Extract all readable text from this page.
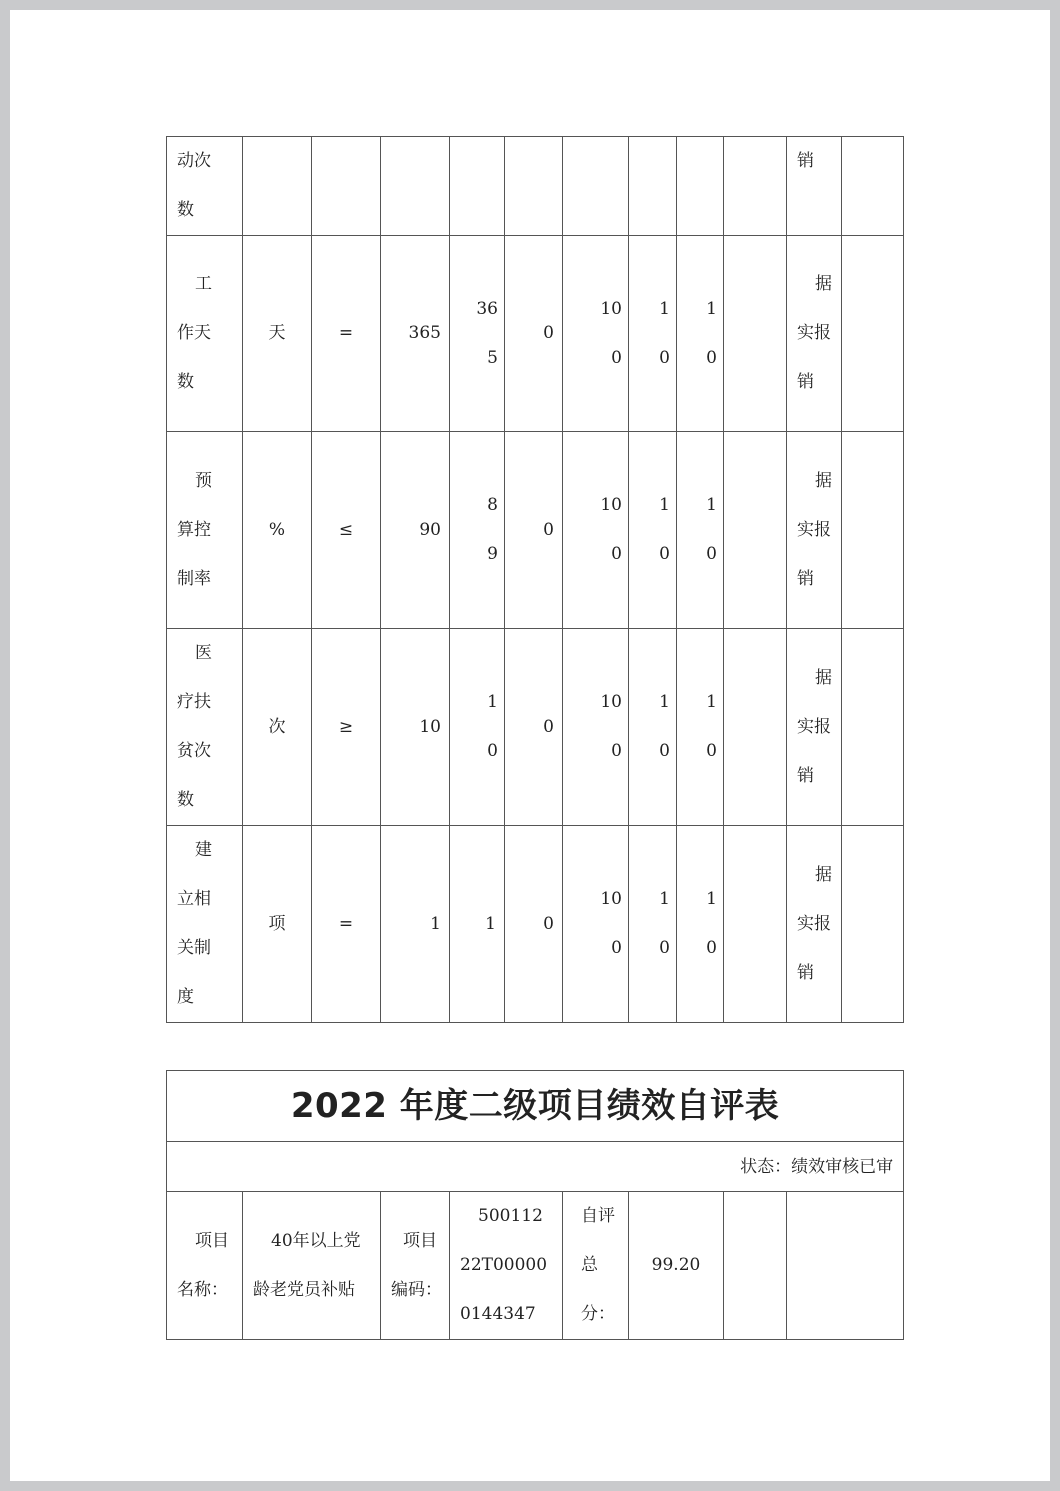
动次数										销	

工作天数	天	=	365	365	0	100	10	10		据实报销	

预算控制率	%	≤	90	89	0	100	10	10		据实报销	

医疗扶贫次数	次	≥	10	10	0	100	10	10		据实报销	

建立相关制度	项	=	1	1	0	100	10	10		据实报销	

2022 年度二级项目绩效自评表
状态：绩效审核已审

项目名称：

40年以上党龄老党员补贴

项目编码：

50011222T000000144347

自评总分：
	99.20		
